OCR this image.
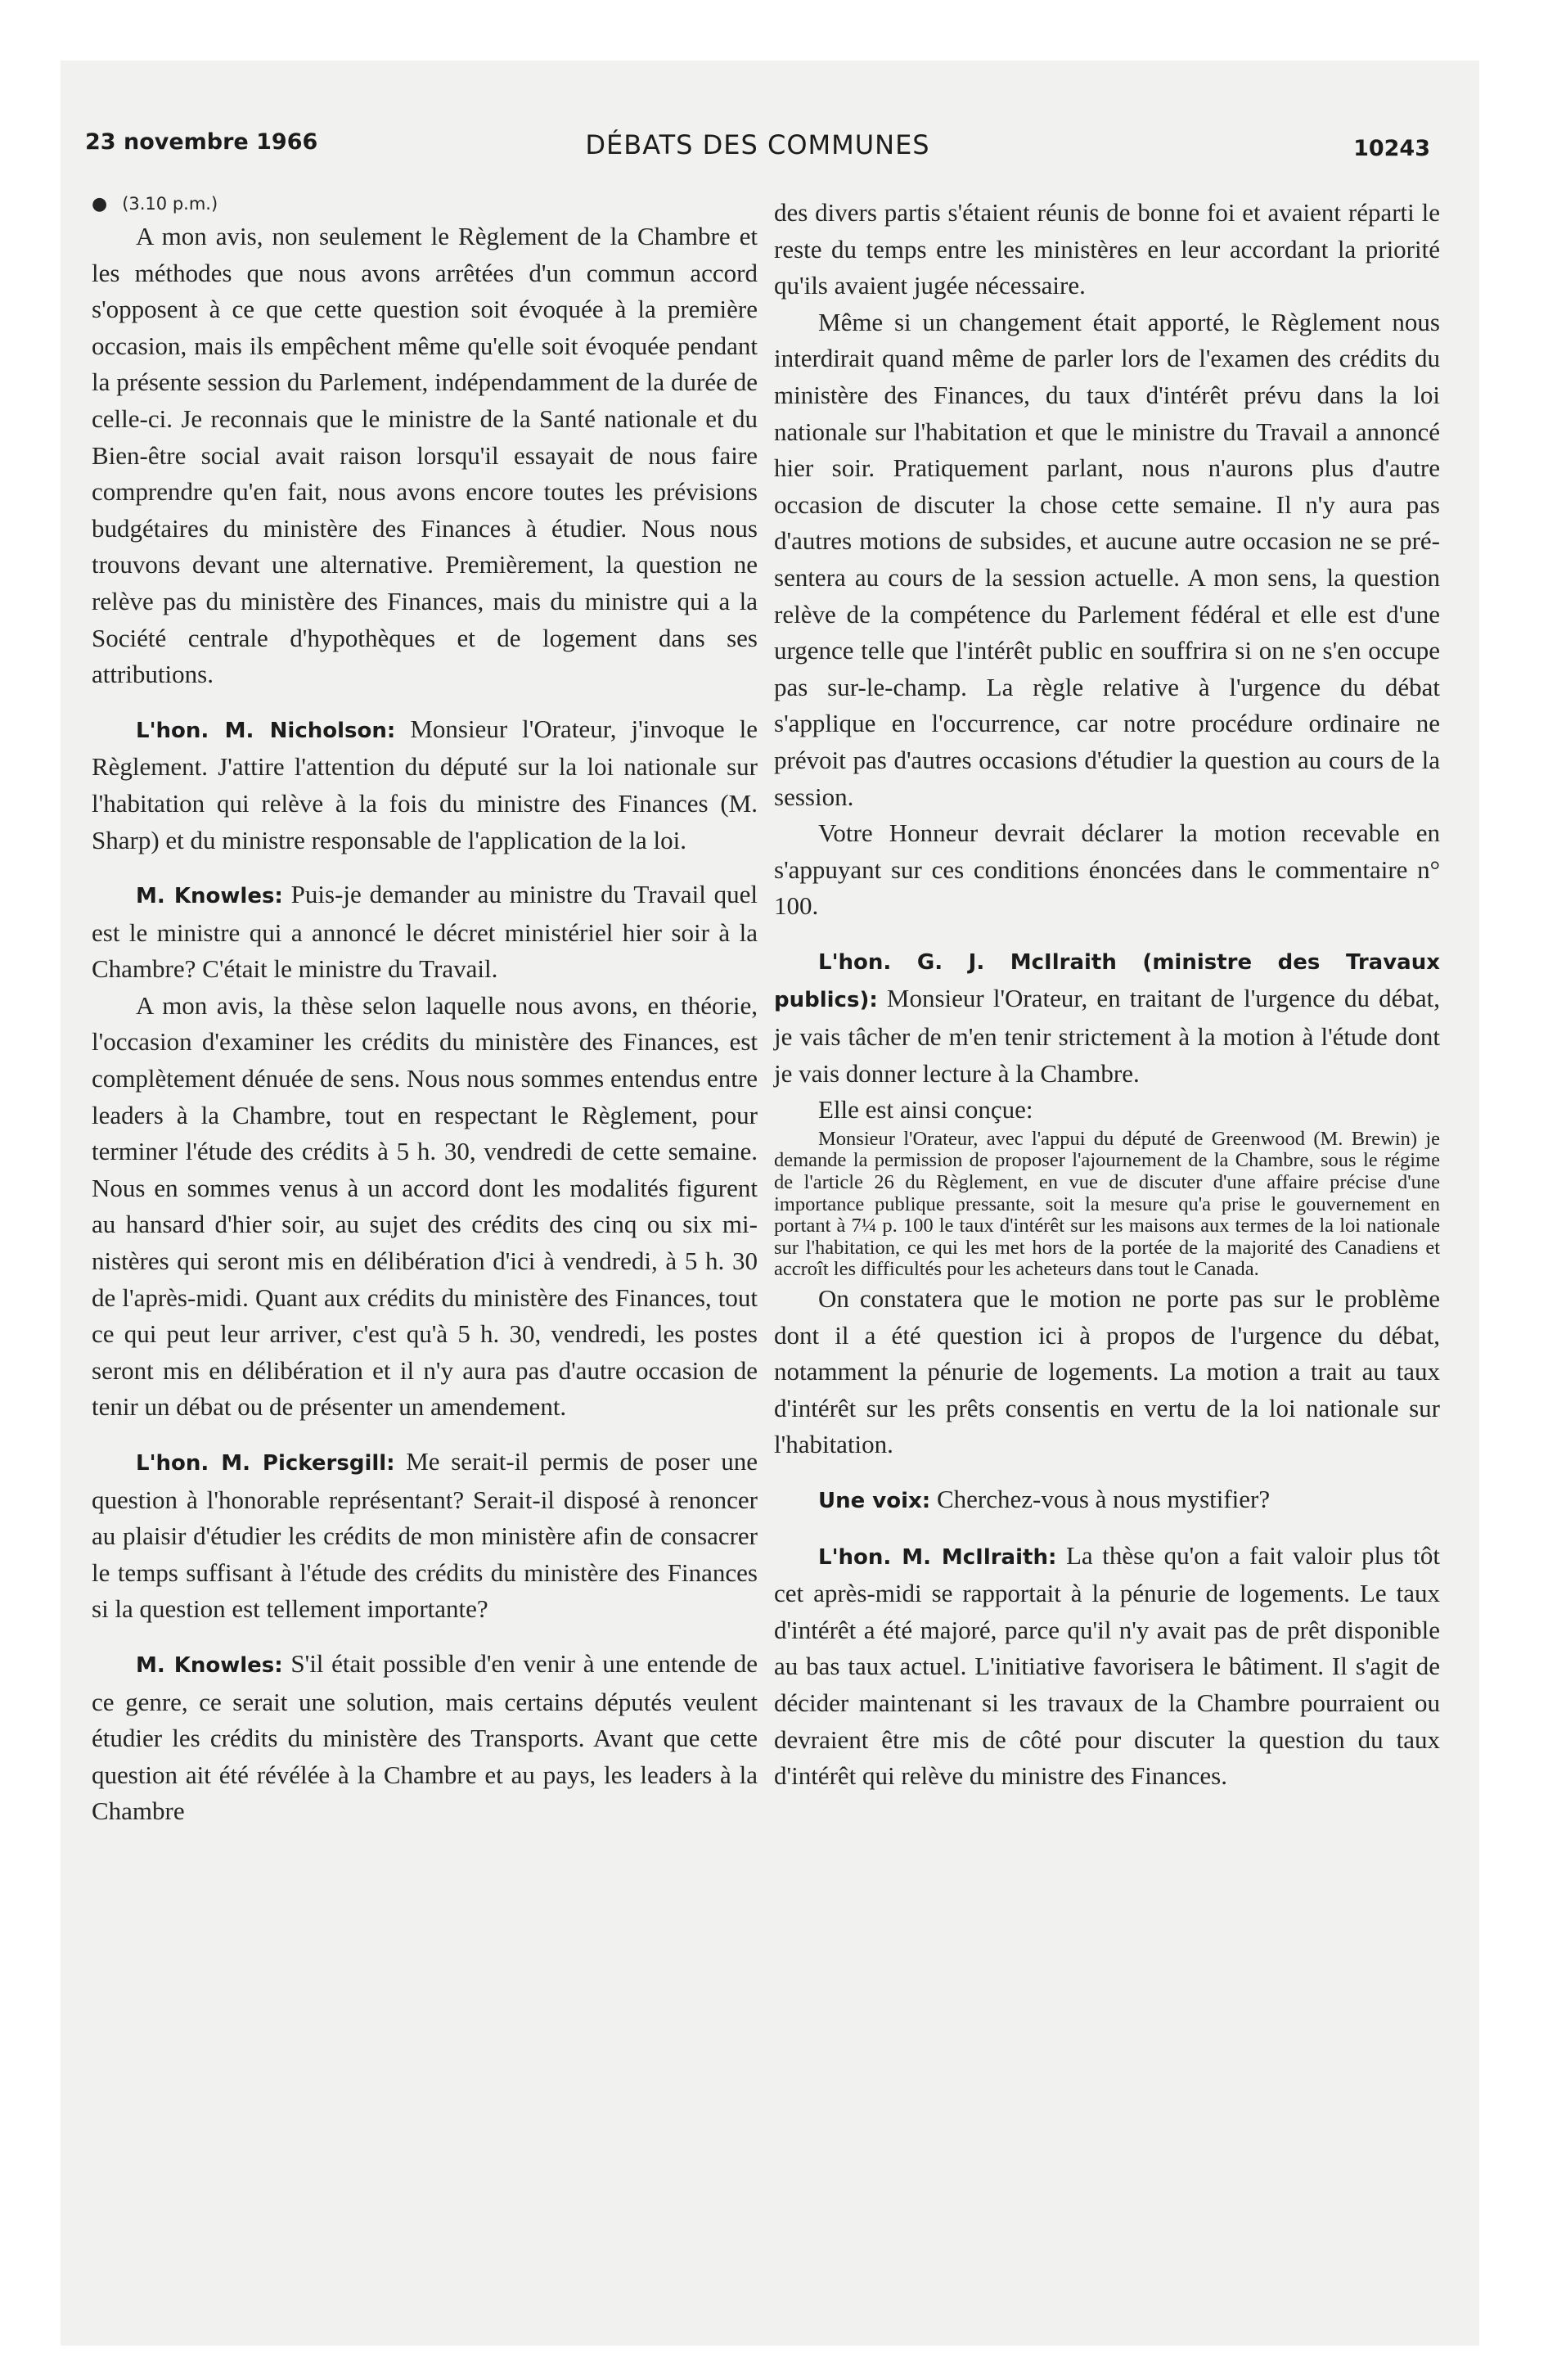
23 novembre 1966	DÉBATS DES COMMUNES	10243

● (3.10 p.m.)

A mon avis, non seulement le Règlement de la Chambre et les méthodes que nous avons arrêtées d'un commun accord s'opposent à ce que cette question soit évoquée à la première occasion, mais ils empêchent même qu'elle soit évoquée pendant la présente session du Parlement, indépendamment de la durée de celle-ci. Je reconnais que le ministre de la Santé nationale et du Bien-être social avait raison lorsqu'il essayait de nous faire comprendre qu'en fait, nous avons encore toutes les prévisions budgétaires du ministère des Finances à étudier. Nous nous trouvons devant une alternative. Premièrement, la question ne relève pas du ministère des Finances, mais du ministre qui a la Société centrale d'hypothèques et de logement dans ses attributions.

L'hon. M. Nicholson: Monsieur l'Orateur, j'invoque le Règlement. J'attire l'attention du député sur la loi nationale sur l'habitation qui relève à la fois du ministre des Finances (M. Sharp) et du ministre responsable de l'application de la loi.

M. Knowles: Puis-je demander au ministre du Travail quel est le ministre qui a annoncé le décret ministériel hier soir à la Chambre? C'était le ministre du Travail.

A mon avis, la thèse selon laquelle nous avons, en théorie, l'occasion d'examiner les crédits du ministère des Finances, est complètement dénuée de sens. Nous nous sommes entendus entre leaders à la Chambre, tout en respectant le Règlement, pour terminer l'étude des crédits à 5 h. 30, vendredi de cette semaine. Nous en sommes venus à un accord dont les modalités figurent au hansard d'hier soir, au sujet des crédits des cinq ou six ministères qui seront mis en délibération d'ici à vendredi, à 5 h. 30 de l'après-midi. Quant aux crédits du ministère des Finances, tout ce qui peut leur arriver, c'est qu'à 5 h. 30, vendredi, les postes seront mis en délibération et il n'y aura pas d'autre occasion de tenir un débat ou de présenter un amendement.

L'hon. M. Pickersgill: Me serait-il permis de poser une question à l'honorable représentant? Serait-il disposé à renoncer au plaisir d'étudier les crédits de mon ministère afin de consacrer le temps suffisant à l'étude des crédits du ministère des Finances si la question est tellement importante?

M. Knowles: S'il était possible d'en venir à une entende de ce genre, ce serait une solution, mais certains députés veulent étudier les crédits du ministère des Transports. Avant que cette question ait été révélée à la Chambre et au pays, les leaders à la Chambre

des divers partis s'étaient réunis de bonne foi et avaient réparti le reste du temps entre les ministères en leur accordant la priorité qu'ils avaient jugée nécessaire.

Même si un changement était apporté, le Règlement nous interdirait quand même de parler lors de l'examen des crédits du ministère des Finances, du taux d'intérêt prévu dans la loi nationale sur l'habitation et que le ministre du Travail a annoncé hier soir. Pratiquement parlant, nous n'aurons plus d'autre occasion de discuter la chose cette semaine. Il n'y aura pas d'autres motions de subsides, et aucune autre occasion ne se présentera au cours de la session actuelle. A mon sens, la question relève de la compétence du Parlement fédéral et elle est d'une urgence telle que l'intérêt public en souffrira si on ne s'en occupe pas sur-le-champ. La règle relative à l'urgence du débat s'applique en l'occurrence, car notre procédure ordinaire ne prévoit pas d'autres occasions d'étudier la question au cours de la session.

Votre Honneur devrait déclarer la motion recevable en s'appuyant sur ces conditions énoncées dans le commentaire n° 100.

L'hon. G. J. McIlraith (ministre des Travaux publics): Monsieur l'Orateur, en traitant de l'urgence du débat, je vais tâcher de m'en tenir strictement à la motion à l'étude dont je vais donner lecture à la Chambre.

Elle est ainsi conçue:

Monsieur l'Orateur, avec l'appui du député de Greenwood (M. Brewin) je demande la permission de proposer l'ajournement de la Chambre, sous le régime de l'article 26 du Règlement, en vue de discuter d'une affaire précise d'une importance publique pressante, soit la mesure qu'a prise le gouvernement en portant à 7¼ p. 100 le taux d'intérêt sur les maisons aux termes de la loi nationale sur l'habitation, ce qui les met hors de la portée de la majorité des Canadiens et accroît les difficultés pour les acheteurs dans tout le Canada.

On constatera que le motion ne porte pas sur le problème dont il a été question ici à propos de l'urgence du débat, notamment la pénurie de logements. La motion a trait au taux d'intérêt sur les prêts consentis en vertu de la loi nationale sur l'habitation.

Une voix: Cherchez-vous à nous mystifier?

L'hon. M. McIlraith: La thèse qu'on a fait valoir plus tôt cet après-midi se rapportait à la pénurie de logements. Le taux d'intérêt a été majoré, parce qu'il n'y avait pas de prêt disponible au bas taux actuel. L'initiative favorisera le bâtiment. Il s'agit de décider maintenant si les travaux de la Chambre pourraient ou devraient être mis de côté pour discuter la question du taux d'intérêt qui relève du ministre des Finances.
